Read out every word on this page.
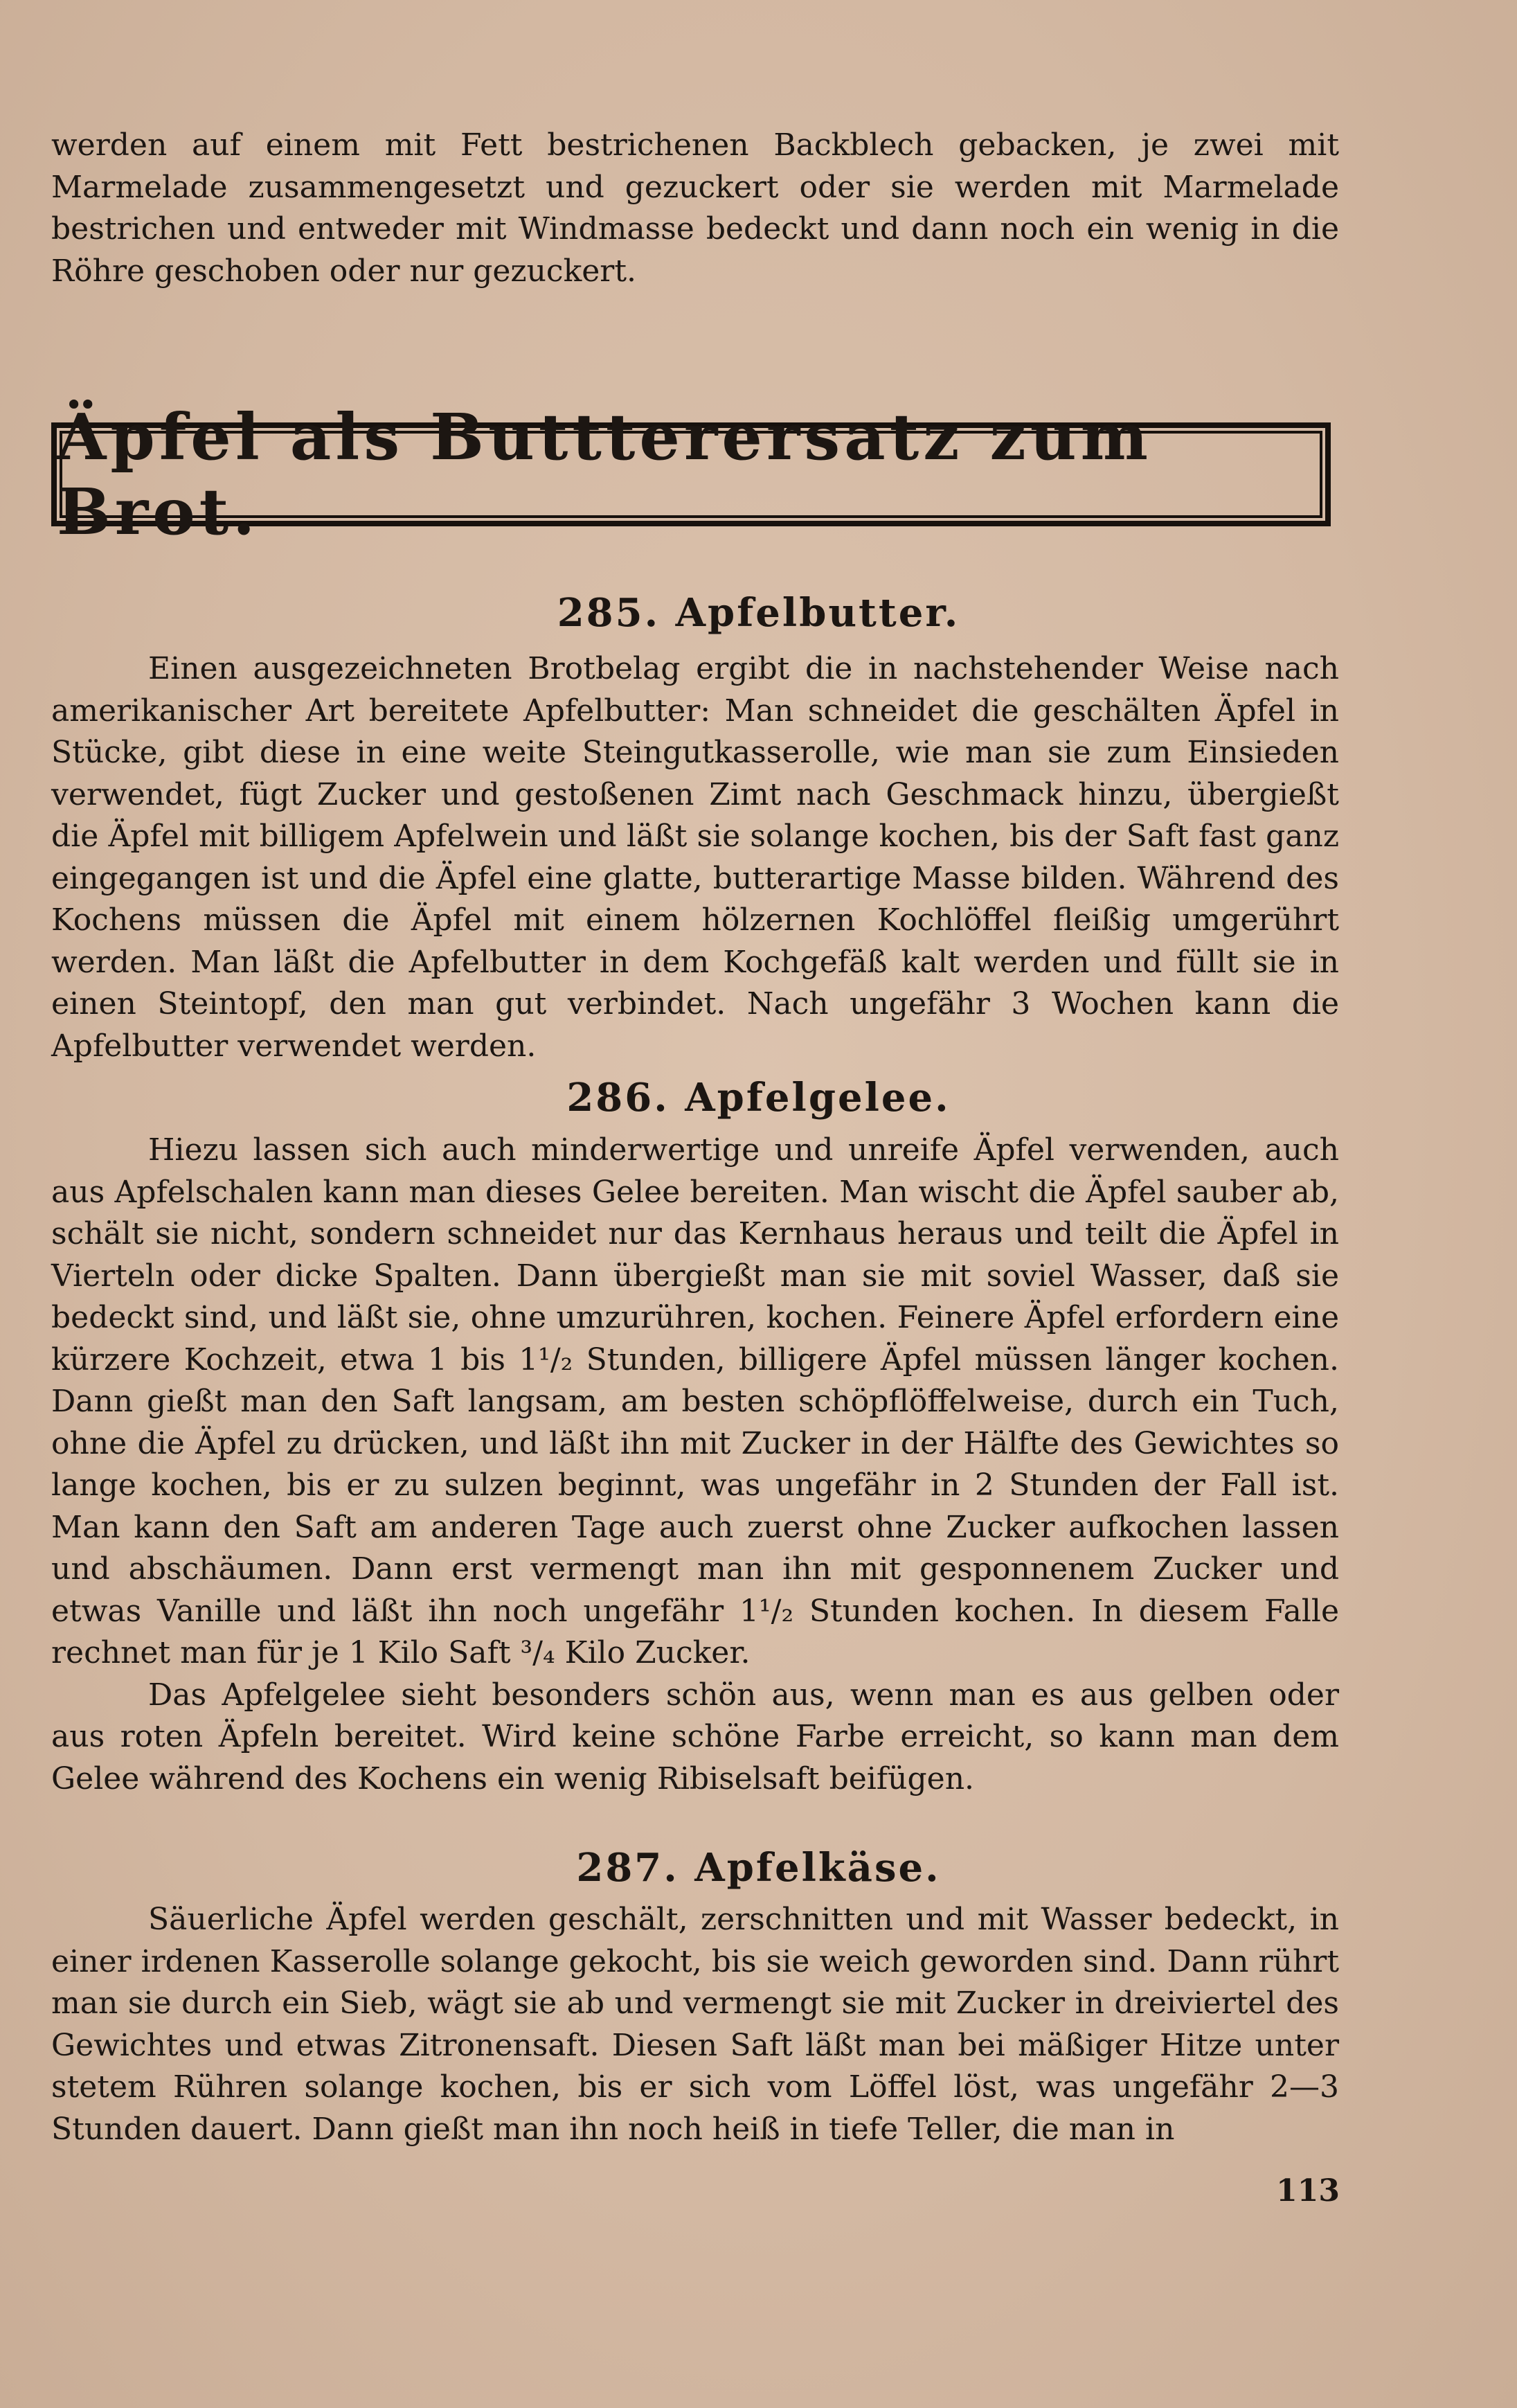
werden auf einem mit Fett bestrichenen Backblech gebacken, je zwei mit Marmelade zusammengesetzt und gezuckert oder sie werden mit Marmelade bestrichen und entweder mit Windmasse bedeckt und dann noch ein wenig in die Röhre geschoben oder nur gezuckert.

Äpfel als Buttterersatz zum Brot.
285. Apfelbutter.

Einen ausgezeichneten Brotbelag ergibt die in nachstehender Weise nach amerikanischer Art bereitete Apfelbutter: Man schneidet die geschälten Äpfel in Stücke, gibt diese in eine weite Steingutkasserolle, wie man sie zum Einsieden verwendet, fügt Zucker und gestoßenen Zimt nach Geschmack hinzu, übergießt die Äpfel mit billigem Apfelwein und läßt sie solange kochen, bis der Saft fast ganz eingegangen ist und die Äpfel eine glatte, butterartige Masse bilden. Während des Kochens müssen die Äpfel mit einem hölzernen Kochlöffel fleißig umgerührt werden. Man läßt die Apfelbutter in dem Kochgefäß kalt werden und füllt sie in einen Steintopf, den man gut verbindet. Nach ungefähr 3 Wochen kann die Apfelbutter verwendet werden.

286. Apfelgelee.

Hiezu lassen sich auch minderwertige und unreife Äpfel verwenden, auch aus Apfelschalen kann man dieses Gelee bereiten. Man wischt die Äpfel sauber ab, schält sie nicht, sondern schneidet nur das Kernhaus heraus und teilt die Äpfel in Vierteln oder dicke Spalten. Dann übergießt man sie mit soviel Wasser, daß sie bedeckt sind, und läßt sie, ohne umzurühren, kochen. Feinere Äpfel erfordern eine kürzere Kochzeit, etwa 1 bis 1¹/₂ Stunden, billigere Äpfel müssen länger kochen. Dann gießt man den Saft langsam, am besten schöpflöffelweise, durch ein Tuch, ohne die Äpfel zu drücken, und läßt ihn mit Zucker in der Hälfte des Gewichtes so lange kochen, bis er zu sulzen beginnt, was ungefähr in 2 Stunden der Fall ist. Man kann den Saft am anderen Tage auch zuerst ohne Zucker aufkochen lassen und abschäumen. Dann erst vermengt man ihn mit gesponnenem Zucker und etwas Vanille und läßt ihn noch ungefähr 1¹/₂ Stunden kochen. In diesem Falle rechnet man für je 1 Kilo Saft ³/₄ Kilo Zucker.

Das Apfelgelee sieht besonders schön aus, wenn man es aus gelben oder aus roten Äpfeln bereitet. Wird keine schöne Farbe erreicht, so kann man dem Gelee während des Kochens ein wenig Ribiselsaft beifügen.

287. Apfelkäse.

Säuerliche Äpfel werden geschält, zerschnitten und mit Wasser bedeckt, in einer irdenen Kasserolle solange gekocht, bis sie weich geworden sind. Dann rührt man sie durch ein Sieb, wägt sie ab und vermengt sie mit Zucker in dreiviertel des Gewichtes und etwas Zitronensaft. Diesen Saft läßt man bei mäßiger Hitze unter stetem Rühren solange kochen, bis er sich vom Löffel löst, was ungefähr 2—3 Stunden dauert. Dann gießt man ihn noch heiß in tiefe Teller, die man in

113
